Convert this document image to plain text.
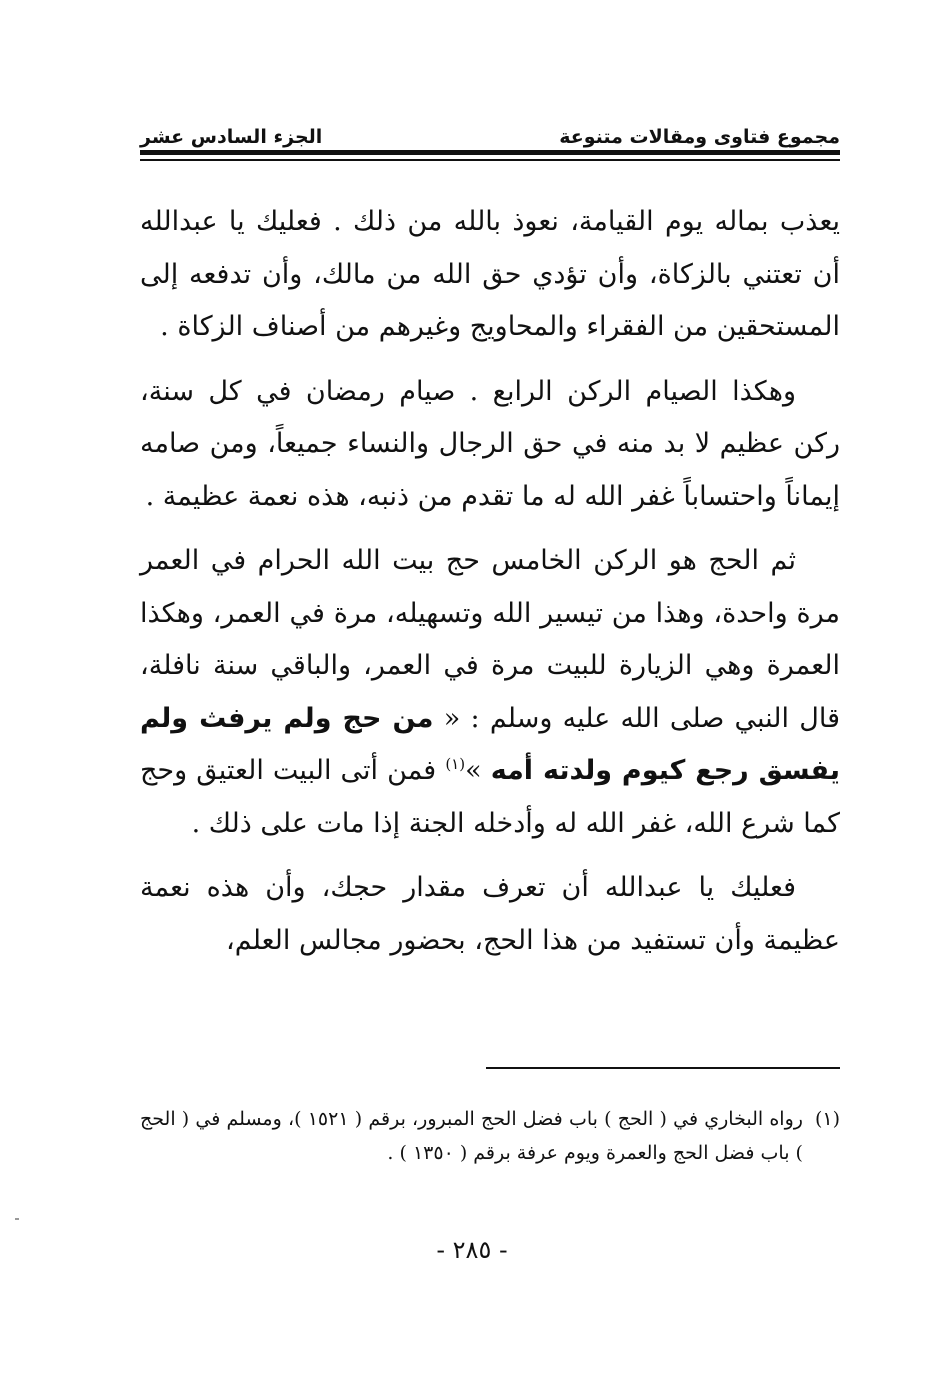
مجموع فتاوى ومقالات متنوعة
الجزء السادس عشر

يعذب بماله يوم القيامة، نعوذ بالله من ذلك . فعليك يا عبدالله أن تعتني بالزكاة، وأن تؤدي حق الله من مالك، وأن تدفعه إلى المستحقين من الفقراء والمحاويج وغيرهم من أصناف الزكاة .

وهكذا الصيام الركن الرابع . صيام رمضان في كل سنة، ركن عظيم لا بد منه في حق الرجال والنساء جميعاً، ومن صامه إيماناً واحتساباً غفر الله له ما تقدم من ذنبه، هذه نعمة عظيمة .

ثم الحج هو الركن الخامس حج بيت الله الحرام في العمر مرة واحدة، وهذا من تيسير الله وتسهيله، مرة في العمر، وهكذا العمرة وهي الزيارة للبيت مرة في العمر، والباقي سنة نافلة، قال النبي صلى الله عليه وسلم : « من حج ولم يرفث ولم يفسق رجع كيوم ولدته أمه »$^{(١)}$ فمن أتى البيت العتيق وحج كما شرع الله، غفر الله له وأدخله الجنة إذا مات على ذلك .

فعليك يا عبدالله أن تعرف مقدار حجك، وأن هذه نعمة عظيمة وأن تستفيد من هذا الحج، بحضور مجالس العلم،

(١)
رواه البخاري في ( الحج ) باب فضل الحج المبرور، برقم ( ١٥٢١ )، ومسلم في ( الحج ) باب فضل الحج والعمرة ويوم عرفة برقم ( ١٣٥٠ ) .
- ٢٨٥ -
